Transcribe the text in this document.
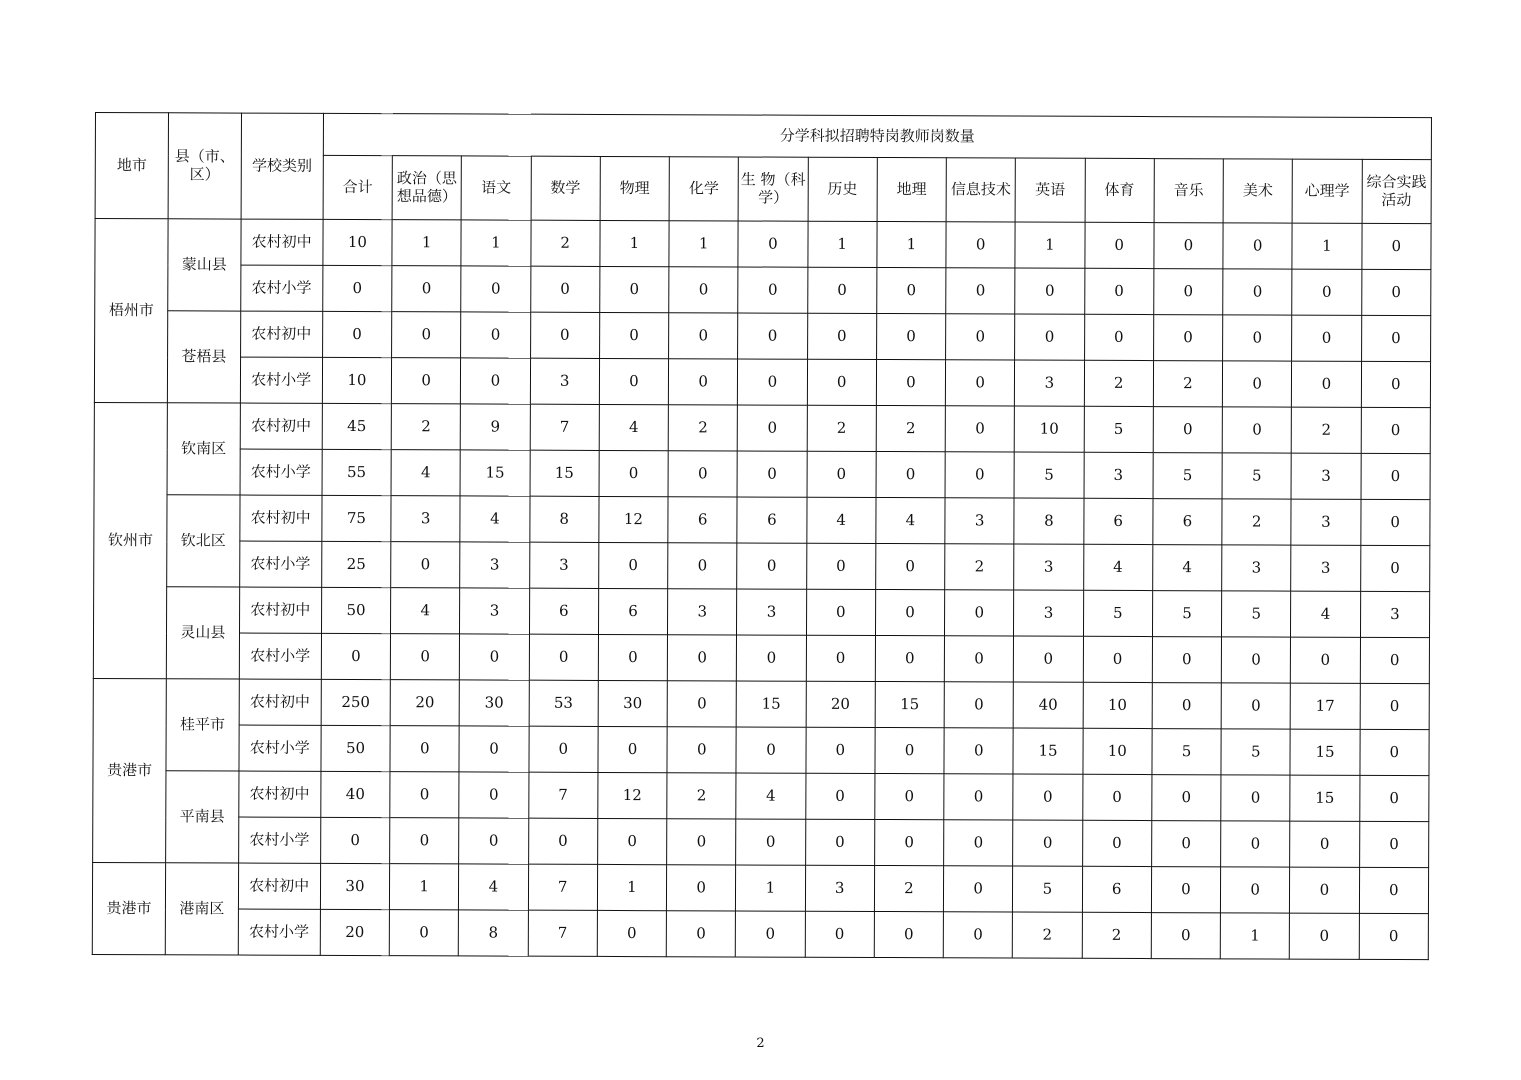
地市	县（市、区）	学校类别	分学科拟招聘特岗教师岗数量															
			合计	政治（思想品德）	语文	数学	物理	化学	生 物（科学）	历史	地理	信息技术	英语	体育	音乐	美术	心理学	综合实践活动
梧州市	蒙山县	农村初中	10	1	1	2	1	1	0	1	1	0	1	0	0	0	1	0
		农村小学	0	0	0	0	0	0	0	0	0	0	0	0	0	0	0	0
	苍梧县	农村初中	0	0	0	0	0	0	0	0	0	0	0	0	0	0	0	0
		农村小学	10	0	0	3	0	0	0	0	0	0	3	2	2	0	0	0
钦州市	钦南区	农村初中	45	2	9	7	4	2	0	2	2	0	10	5	0	0	2	0
		农村小学	55	4	15	15	0	0	0	0	0	0	5	3	5	5	3	0
	钦北区	农村初中	75	3	4	8	12	6	6	4	4	3	8	6	6	2	3	0
		农村小学	25	0	3	3	0	0	0	0	0	2	3	4	4	3	3	0
	灵山县	农村初中	50	4	3	6	6	3	3	0	0	0	3	5	5	5	4	3
		农村小学	0	0	0	0	0	0	0	0	0	0	0	0	0	0	0	0
贵港市	桂平市	农村初中	250	20	30	53	30	0	15	20	15	0	40	10	0	0	17	0
		农村小学	50	0	0	0	0	0	0	0	0	0	15	10	5	5	15	0
	平南县	农村初中	40	0	0	7	12	2	4	0	0	0	0	0	0	0	15	0
		农村小学	0	0	0	0	0	0	0	0	0	0	0	0	0	0	0	0
贵港市	港南区	农村初中	30	1	4	7	1	0	1	3	2	0	5	6	0	0	0	0
		农村小学	20	0	8	7	0	0	0	0	0	0	2	2	0	1	0	0
2
